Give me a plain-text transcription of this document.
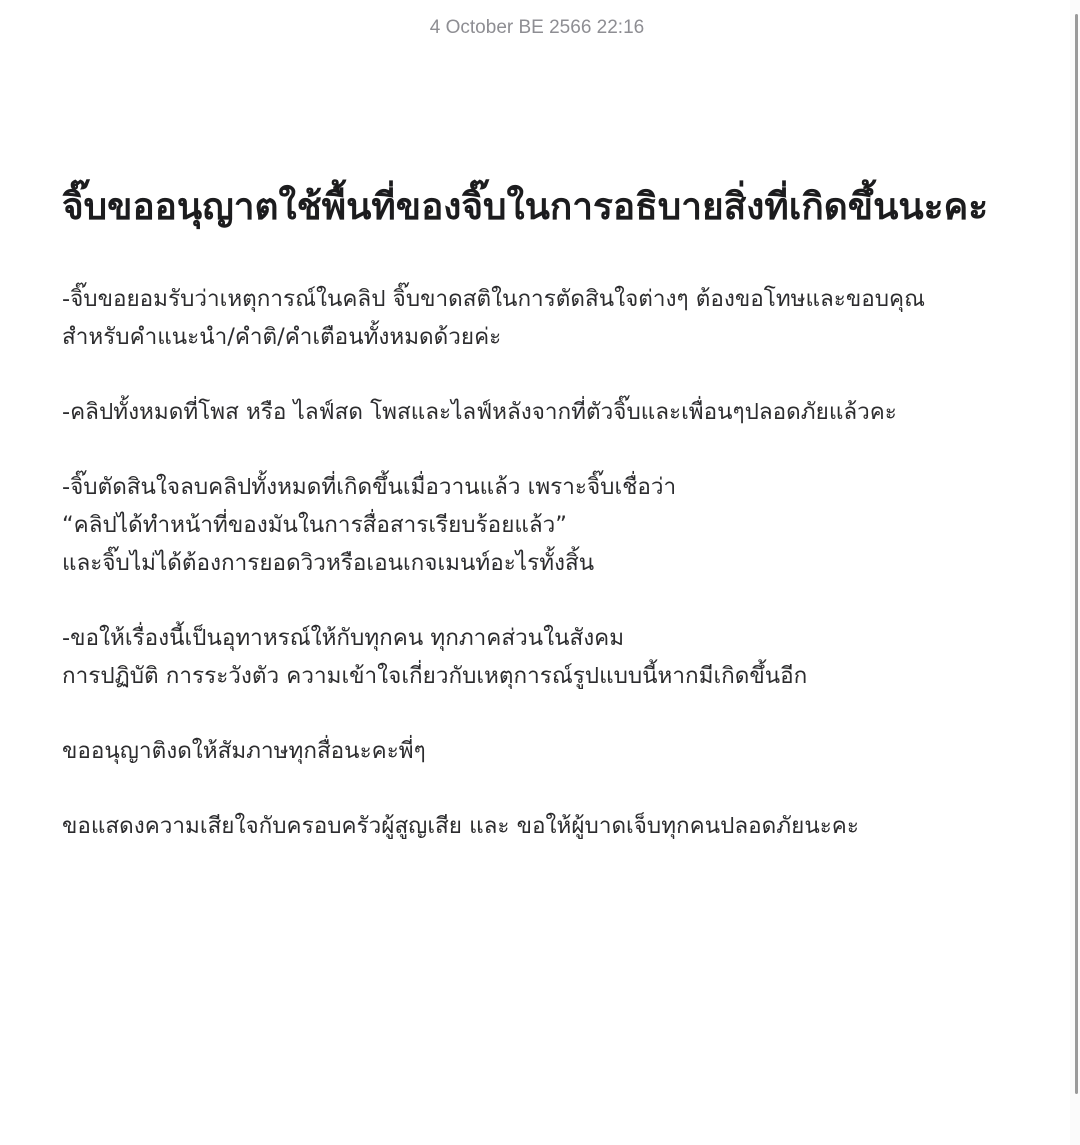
4 October BE 2566 22:16
จิ๊บขออนุญาตใช้พื้นที่ของจิ๊บในการอธิบายสิ่งที่เกิดขึ้นนะคะ

-จิ๊บขอยอมรับว่าเหตุการณ์ในคลิป จิ๊บขาดสติในการตัดสินใจต่างๆ ต้องขอโทษและขอบคุณ
สำหรับคำแนะนำ/คำติ/คำเตือนทั้งหมดด้วยค่ะ

-คลิปทั้งหมดที่โพส หรือ ไลฟ์สด โพสและไลฟ์หลังจากที่ตัวจิ๊บและเพื่อนๆปลอดภัยแล้วคะ

-จิ๊บตัดสินใจลบคลิปทั้งหมดที่เกิดขึ้นเมื่อวานแล้ว เพราะจิ๊บเชื่อว่า
“คลิปได้ทำหน้าที่ของมันในการสื่อสารเรียบร้อยแล้ว”
และจิ๊บไม่ได้ต้องการยอดวิวหรือเอนเกจเมนท์อะไรทั้งสิ้น

-ขอให้เรื่องนี้เป็นอุทาหรณ์ให้กับทุกคน ทุกภาคส่วนในสังคม
การปฏิบัติ การระวังตัว ความเข้าใจเกี่ยวกับเหตุการณ์รูปแบบนี้หากมีเกิดขึ้นอีก

ขออนุญาติงดให้สัมภาษทุกสื่อนะคะพี่ๆ

ขอแสดงความเสียใจกับครอบครัวผู้สูญเสีย และ ขอให้ผู้บาดเจ็บทุกคนปลอดภัยนะคะ
